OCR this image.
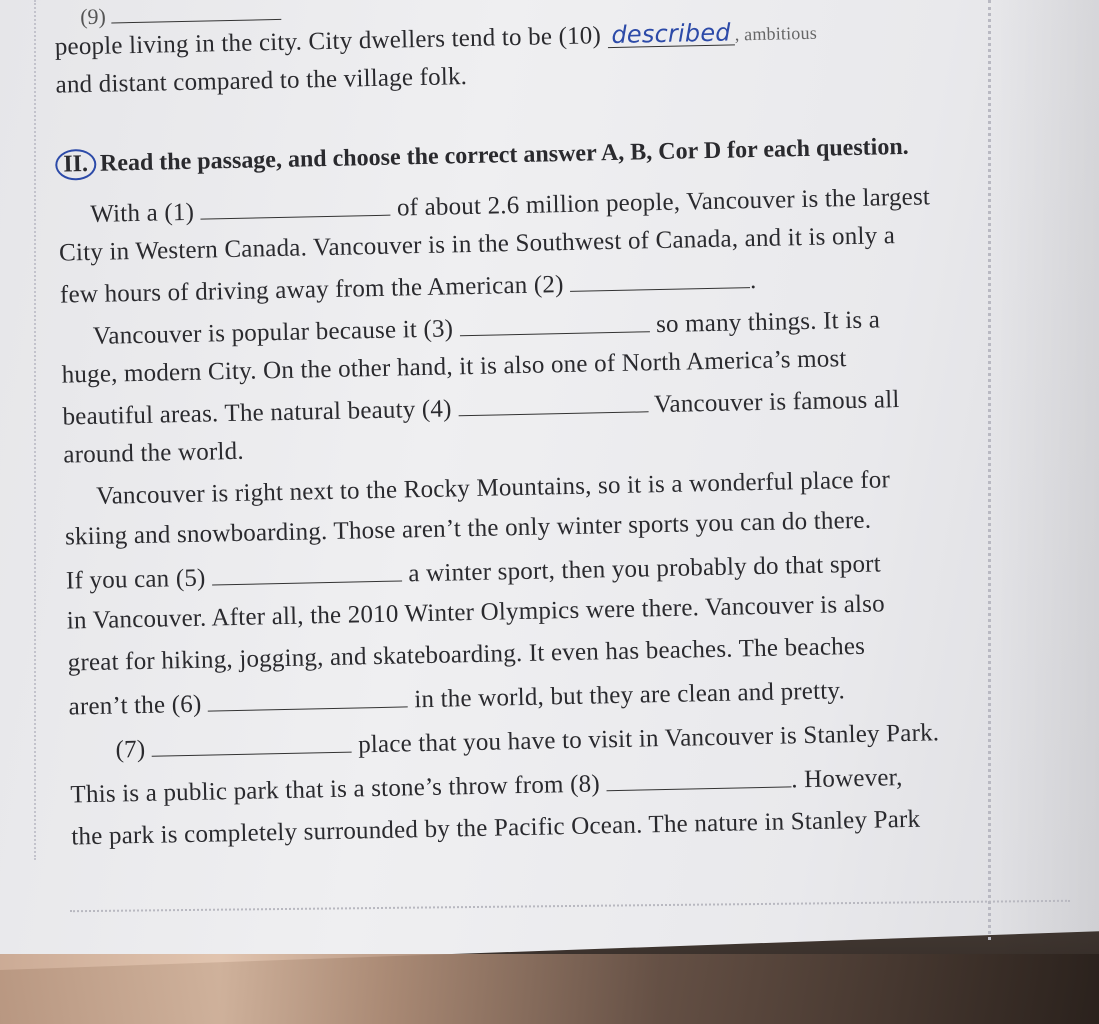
(9)
people living in the city. City dwellers tend to be (10) described , ambitious
and distant compared to the village folk.
II. Read the passage, and choose the correct answer A, B, Cor D for each question.
With a (1)	of about 2.6 million people, Vancouver is the largest
City in Western Canada. Vancouver is in the Southwest of Canada, and it is only a
few hours of driving away from the American (2)	.
Vancouver is popular because it (3)	so many things. It is a
huge, modern City. On the other hand, it is also one of North America’s most
beautiful areas. The natural beauty (4)	Vancouver is famous all
around the world.
Vancouver is right next to the Rocky Mountains, so it is a wonderful place for
skiing and snowboarding. Those aren’t the only winter sports you can do there.
If you can (5)	a winter sport, then you probably do that sport
in Vancouver. After all, the 2010 Winter Olympics were there. Vancouver is also
great for hiking, jogging, and skateboarding. It even has beaches. The beaches
aren’t the (6)	in the world, but they are clean and pretty.
(7)	place that you have to visit in Vancouver is Stanley Park.
This is a public park that is a stone’s throw from (8)	. However,
the park is completely surrounded by the Pacific Ocean. The nature in Stanley Park
